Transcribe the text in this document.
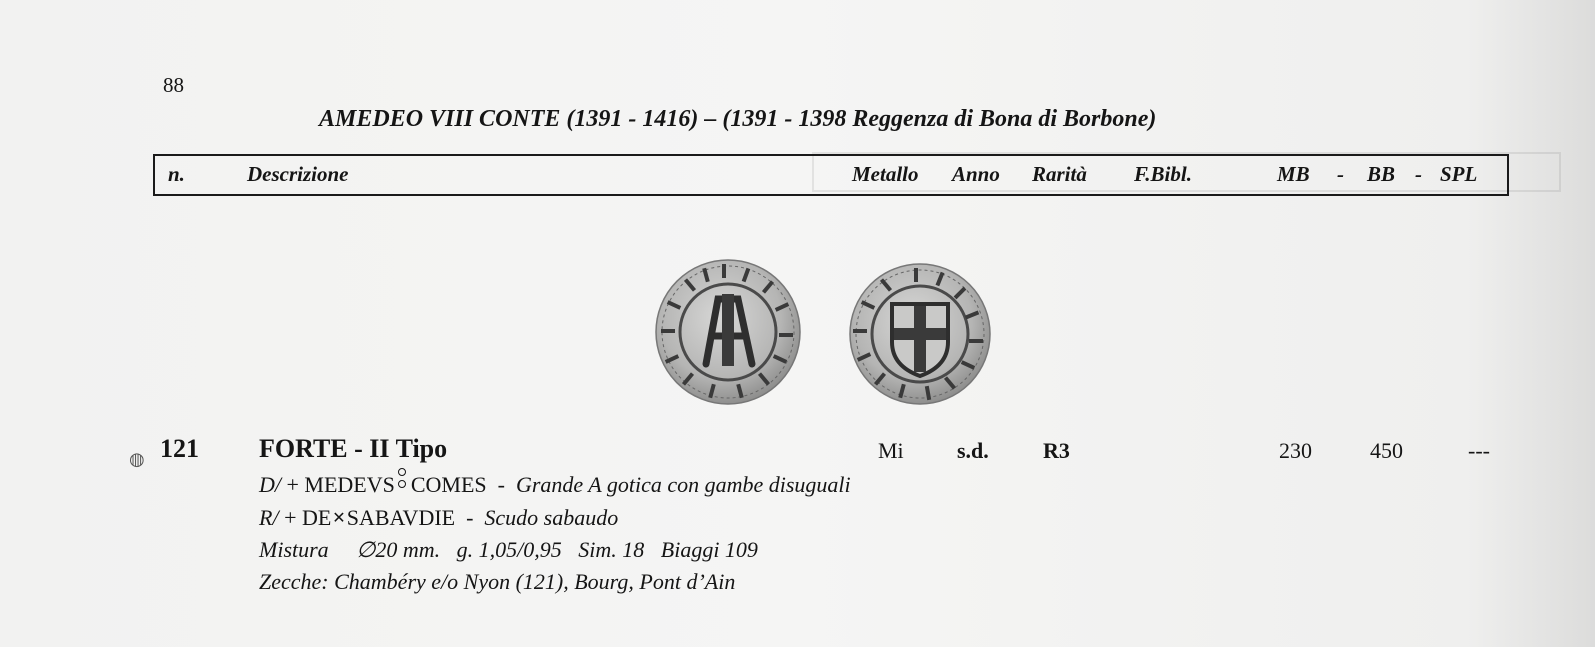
88
AMEDEO VIII CONTE (1391 - 1416) – (1391 - 1398 Reggenza di Bona di Borbone)
n.	Descrizione	Metallo Anno Rarità F.Bibl.	MB - BB - SPL
◍ 121 FORTE - II Tipo	Mi s.d. R3	230	450	---
D/ + MEDEVS COMES - Grande A gotica con gambe disuguali
R/ + DE✕SABAVDIE - Scudo sabaudo
Mistura ∅20 mm. g. 1,05/0,95 Sim. 18 Biaggi 109
Zecche: Chambéry e/o Nyon (121), Bourg, Pont d’Ain
